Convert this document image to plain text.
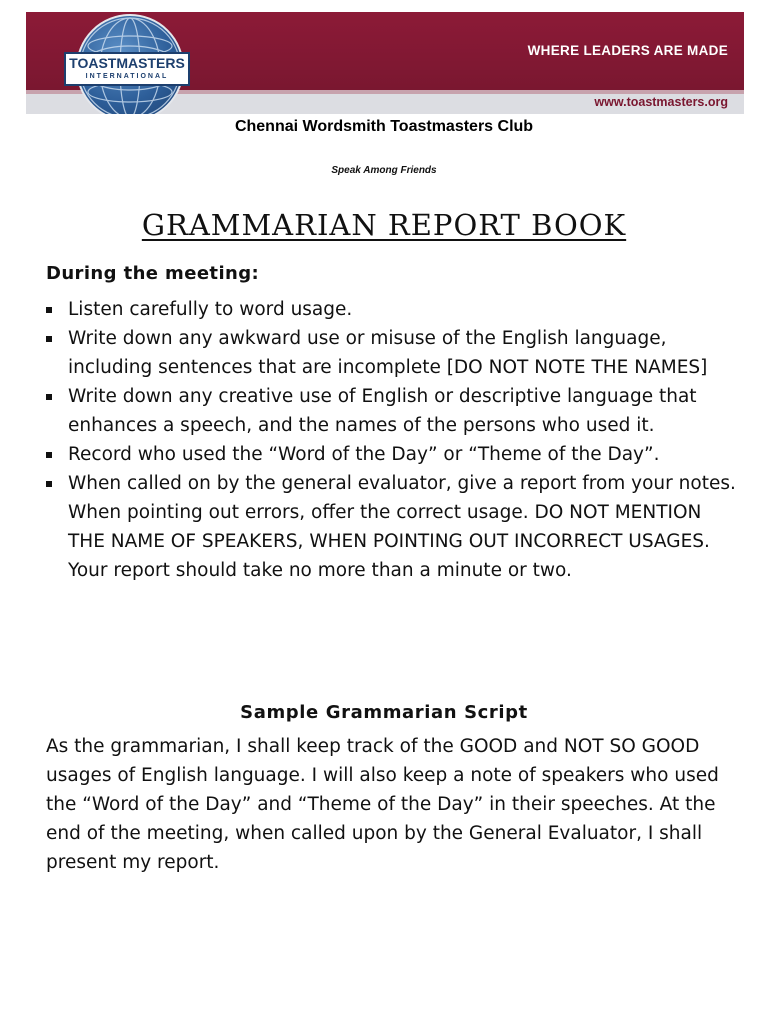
TOASTMASTERS
INTERNATIONAL
WHERE LEADERS ARE MADE
www.toastmasters.org
Chennai Wordsmith Toastmasters Club
Speak Among Friends
GRAMMARIAN REPORT BOOK
During the meeting:
Listen carefully to word usage.
Write down any awkward use or misuse of the English language, including sentences that are incomplete [DO NOT NOTE THE NAMES]
Write down any creative use of English or descriptive language that enhances a speech, and the names of the persons who used it.
Record who used the “Word of the Day” or “Theme of the Day”.
When called on by the general evaluator, give a report from your notes. When pointing out errors, offer the correct usage. DO NOT MENTION THE NAME OF SPEAKERS, WHEN POINTING OUT INCORRECT USAGES. Your report should take no more than a minute or two.
Sample Grammarian Script

As the grammarian, I shall keep track of the GOOD and NOT SO GOOD usages of English language. I will also keep a note of speakers who used the “Word of the Day” and “Theme of the Day” in their speeches. At the end of the meeting, when called upon by the General Evaluator, I shall present my report.
